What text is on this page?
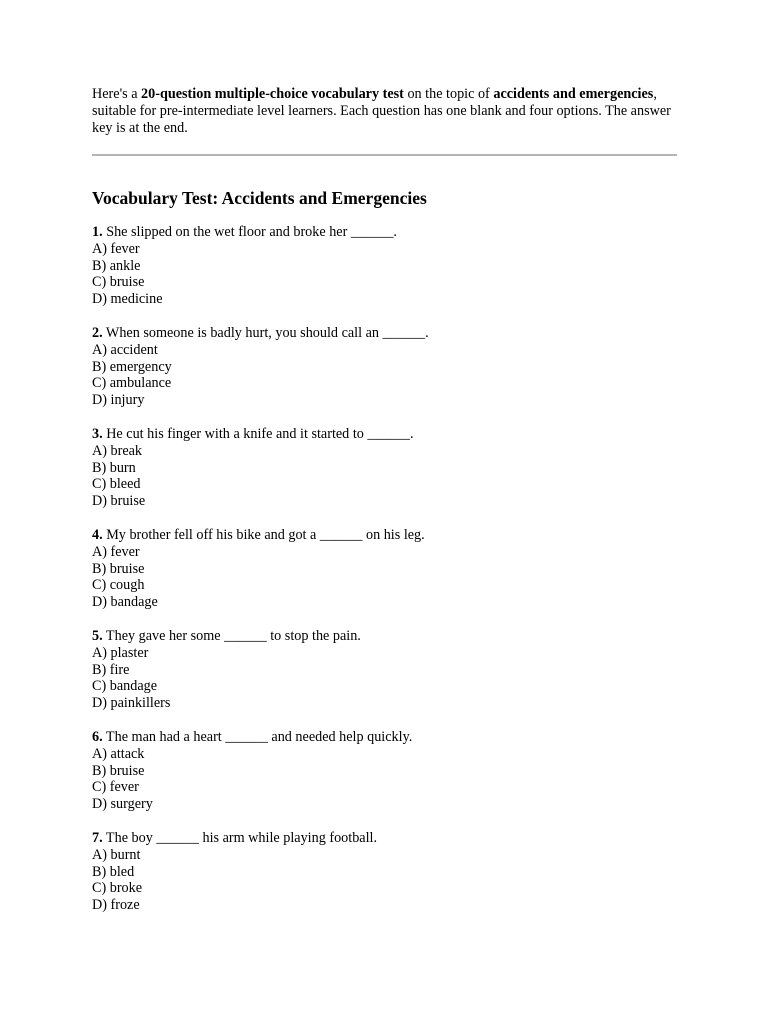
Here's a 20-question multiple-choice vocabulary test on the topic of accidents and emergencies, suitable for pre-intermediate level learners. Each question has one blank and four options. The answer key is at the end.

Vocabulary Test: Accidents and Emergencies
1. She slipped on the wet floor and broke her ______.
A) fever
B) ankle
C) bruise
D) medicine
2. When someone is badly hurt, you should call an ______.
A) accident
B) emergency
C) ambulance
D) injury
3. He cut his finger with a knife and it started to ______.
A) break
B) burn
C) bleed
D) bruise
4. My brother fell off his bike and got a ______ on his leg.
A) fever
B) bruise
C) cough
D) bandage
5. They gave her some ______ to stop the pain.
A) plaster
B) fire
C) bandage
D) painkillers
6. The man had a heart ______ and needed help quickly.
A) attack
B) bruise
C) fever
D) surgery
7. The boy ______ his arm while playing football.
A) burnt
B) bled
C) broke
D) froze
